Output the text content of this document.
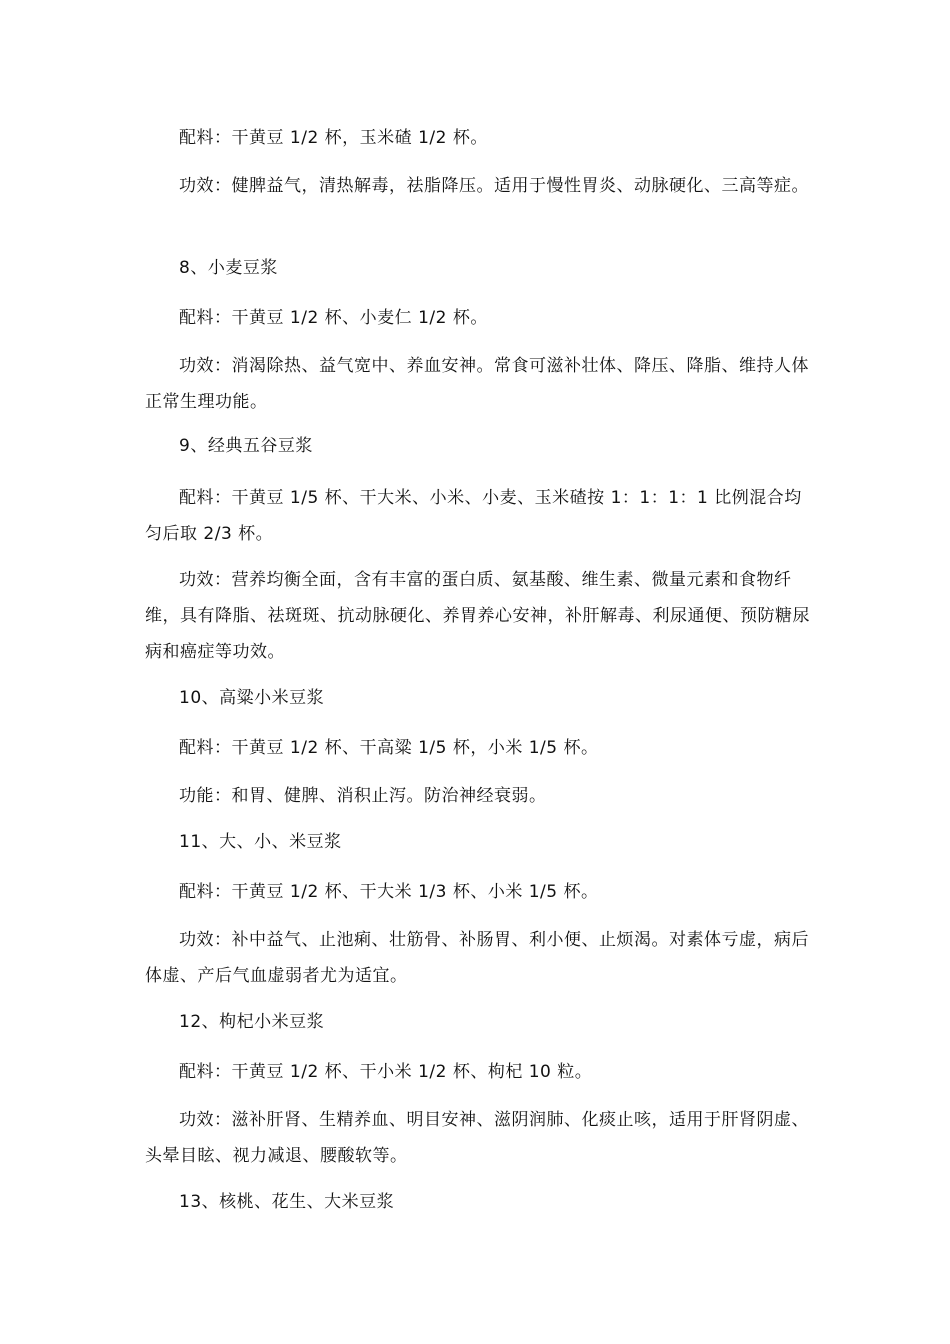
配料：干黄豆 1/2 杯，玉米碴 1/2 杯。

功效：健脾益气，清热解毒，祛脂降压。适用于慢性胃炎、动脉硬化、三高等症。

8、小麦豆浆

配料：干黄豆 1/2 杯、小麦仁 1/2 杯。

功效：消渴除热、益气宽中、养血安神。常食可滋补壮体、降压、降脂、维持人体正常生理功能。

9、经典五谷豆浆

配料：干黄豆 1/5 杯、干大米、小米、小麦、玉米碴按 1：1：1：1 比例混合均匀后取 2/3 杯。

功效：营养均衡全面，含有丰富的蛋白质、氨基酸、维生素、微量元素和食物纤维，具有降脂、祛斑斑、抗动脉硬化、养胃养心安神，补肝解毒、利尿通便、预防糖尿病和癌症等功效。

10、高粱小米豆浆

配料：干黄豆 1/2 杯、干高粱 1/5 杯，小米 1/5 杯。

功能：和胃、健脾、消积止泻。防治神经衰弱。

11、大、小、米豆浆

配料：干黄豆 1/2 杯、干大米 1/3 杯、小米 1/5 杯。

功效：补中益气、止池痢、壮筋骨、补肠胃、利小便、止烦渴。对素体亏虚，病后体虚、产后气血虚弱者尤为适宜。

12、枸杞小米豆浆

配料：干黄豆 1/2 杯、干小米 1/2 杯、枸杞 10 粒。

功效：滋补肝肾、生精养血、明目安神、滋阴润肺、化痰止咳，适用于肝肾阴虚、头晕目眩、视力减退、腰酸软等。

13、核桃、花生、大米豆浆
